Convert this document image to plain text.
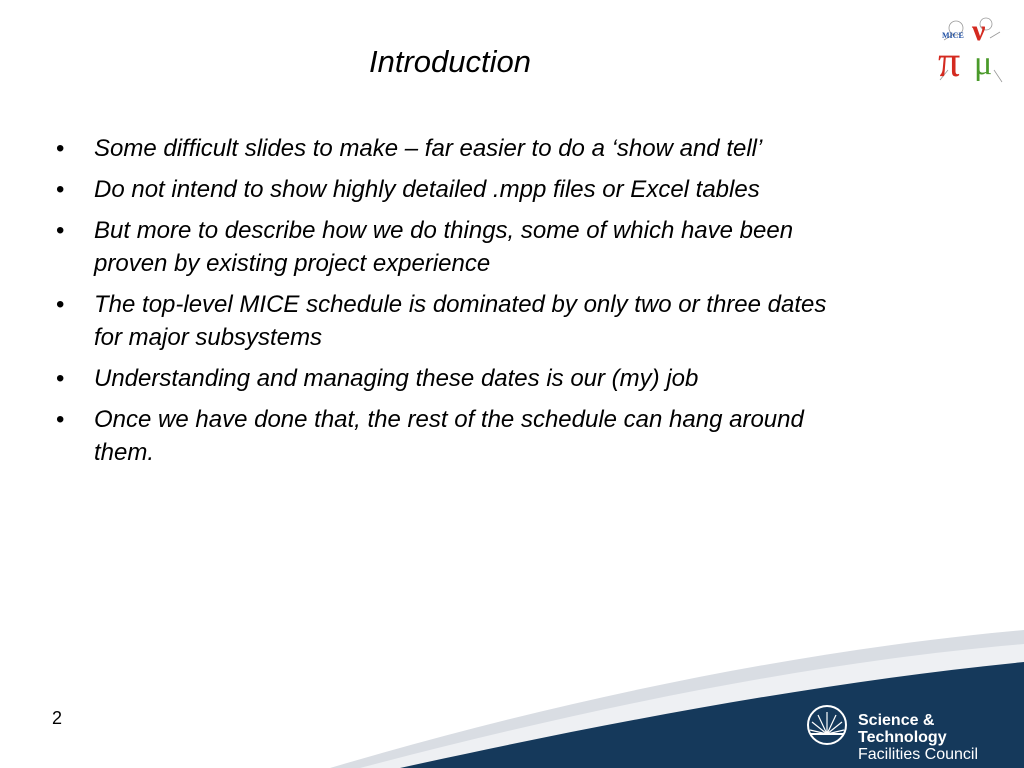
Introduction
MICE
π
ν
μ
• Some difficult slides to make – far easier to do a ‘show and tell’
• Do not intend to show highly detailed .mpp files or Excel tables
• But more to describe how we do things, some of which have been proven by existing project experience
• The top-level MICE schedule is dominated by only two or three dates for major subsystems
• Understanding and managing these dates is our (my) job
• Once we have done that, the rest of the schedule can hang around them.
2	Science & Technology
Facilities Council
